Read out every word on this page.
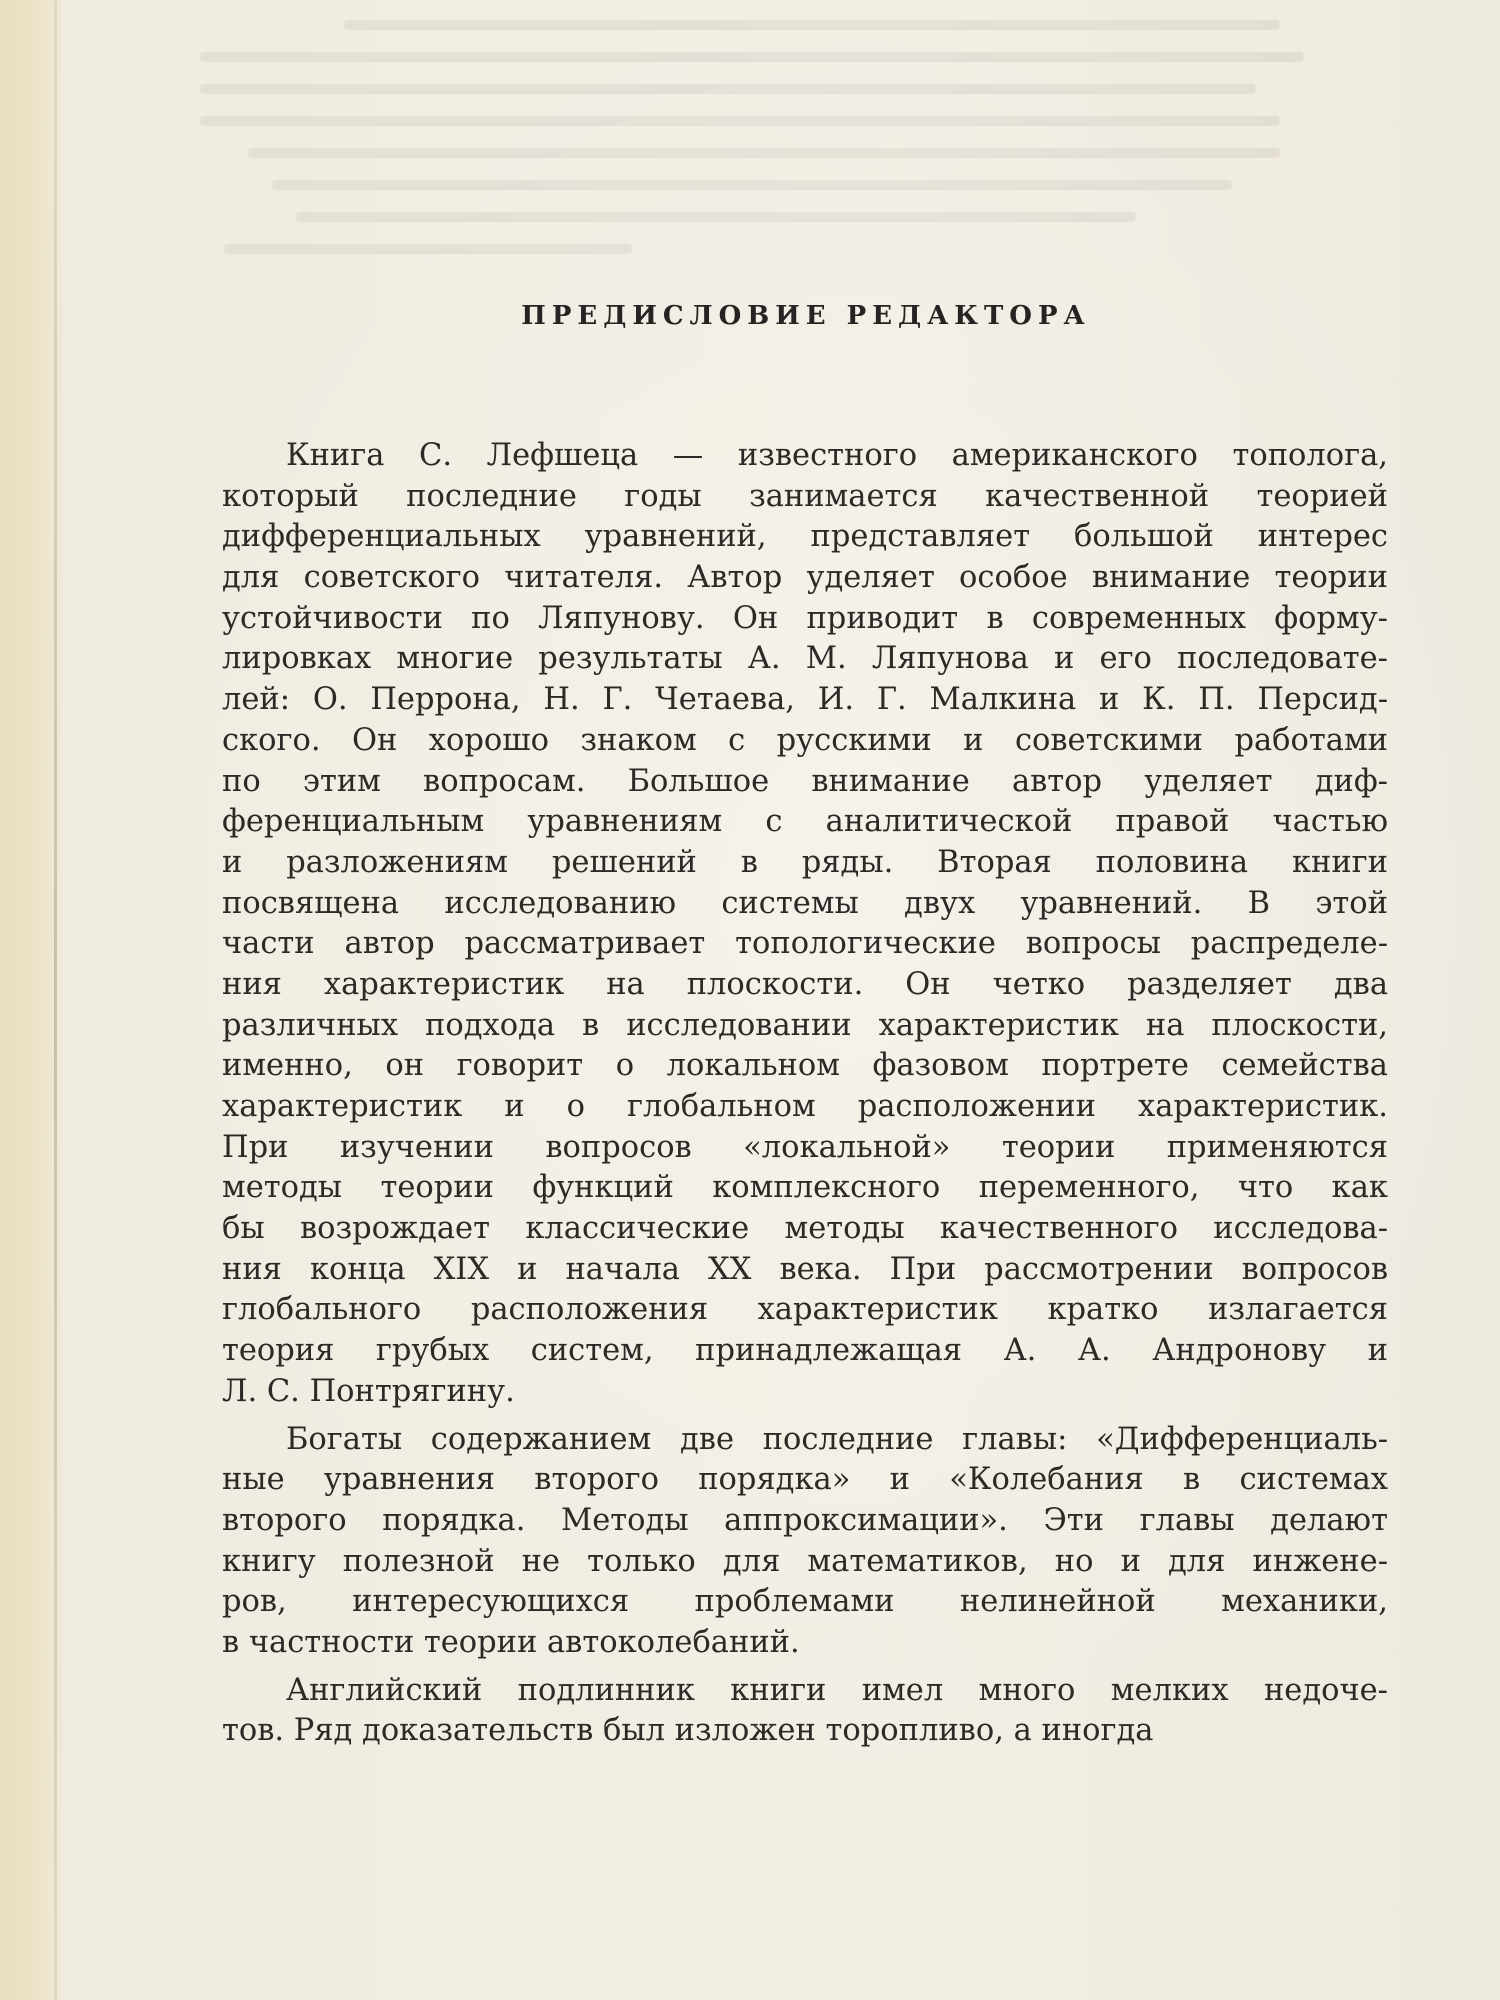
ПРЕДИСЛОВИЕ РЕДАКТОРА
Книга С. Лефшеца — известного американского тополога,
который последние годы занимается качественной теорией
дифференциальных уравнений, представляет большой интерес
для советского читателя. Автор уделяет особое внимание теории
устойчивости по Ляпунову. Он приводит в современных форму-
лировках многие результаты А. М. Ляпунова и его последовате-
лей: О. Перрона, Н. Г. Четаева, И. Г. Малкина и К. П. Персид-
ского. Он хорошо знаком с русскими и советскими работами
по этим вопросам. Большое внимание автор уделяет диф-
ференциальным уравнениям с аналитической правой частью
и разложениям решений в ряды. Вторая половина книги
посвящена исследованию системы двух уравнений. В этой
части автор рассматривает топологические вопросы распределе-
ния характеристик на плоскости. Он четко разделяет два
различных подхода в исследовании характеристик на плоскости,
именно, он говорит о локальном фазовом портрете семейства
характеристик и о глобальном расположении характеристик.
При изучении вопросов «локальной» теории применяются
методы теории функций комплексного переменного, что как
бы возрождает классические методы качественного исследова-
ния конца XIX и начала XX века. При рассмотрении вопросов
глобального расположения характеристик кратко излагается
теория грубых систем, принадлежащая А. А. Андронову и
Л. С. Понтрягину.
Богаты содержанием две последние главы: «Дифференциаль-
ные уравнения второго порядка» и «Колебания в системах
второго порядка. Методы аппроксимации». Эти главы делают
книгу полезной не только для математиков, но и для инжене-
ров, интересующихся проблемами нелинейной механики,
в частности теории автоколебаний.
Английский подлинник книги имел много мелких недоче-
тов. Ряд доказательств был изложен торопливо, а иногда
